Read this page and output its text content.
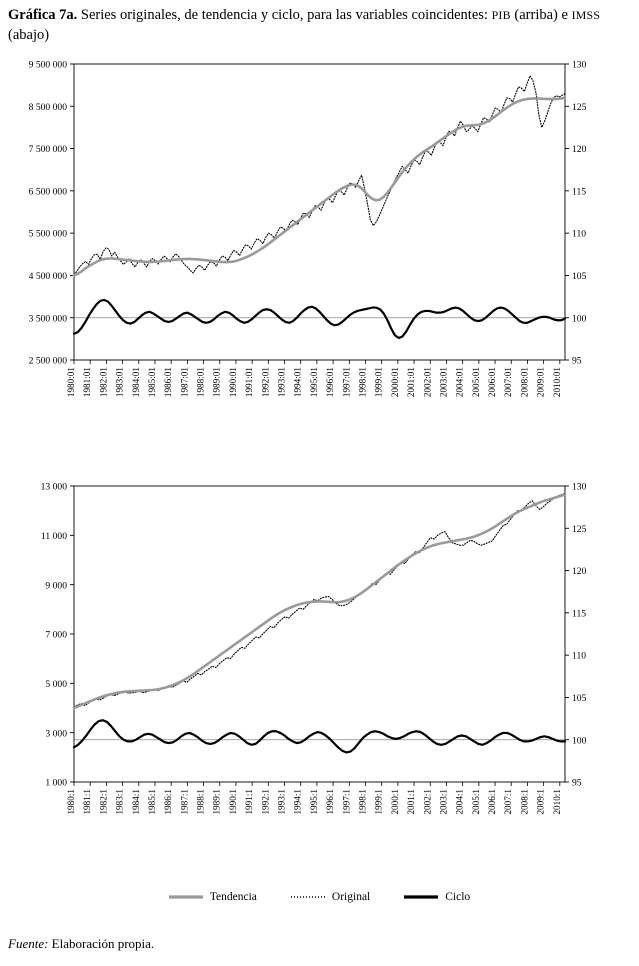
Gráfica 7a. Series originales, de tendencia y ciclo, para las variables coincidentes: PIB (arriba) e IMSS (abajo)
2 500 000
3 500 000
4 500 000
5 500 000
6 500 000
7 500 000
8 500 000
9 500 000
95
100
105
110
115
120
125
130
1980:01 1981:01 1982:01 1983:01 1984:01 1985:01 1986:01 1987:01 1988:01 1989:01 1990:01 1991:01 1992:01 1993:01 1994:01 1995:01 1996:01 1997:01 1998:01 1999:01 2000:01 2001:01 2002:01 2003:01 2004:01 2005:01 2006:01 2007:01 2008:01 2009:01 2010:01
1 000
3 000
5 000
7 000
9 000
11 000
13 000
95
100
105
110
115
120
125
130
1980:1 1981:1 1982:1 1983:1 1984:1 1985:1 1986:1 1987:1 1988:1 1989:1 1990:1 1991:1 1992:1 1993:1 1994:1 1995:1 1996:1 1997:1 1998:1 1999:1 2000:1 2001:1 2002:1 2003:1 2004:1 2005:1 2006:1 2007:1 2008:1 2009:1 2010:1
Tendencia	Original	Ciclo
Fuente: Elaboración propia.
